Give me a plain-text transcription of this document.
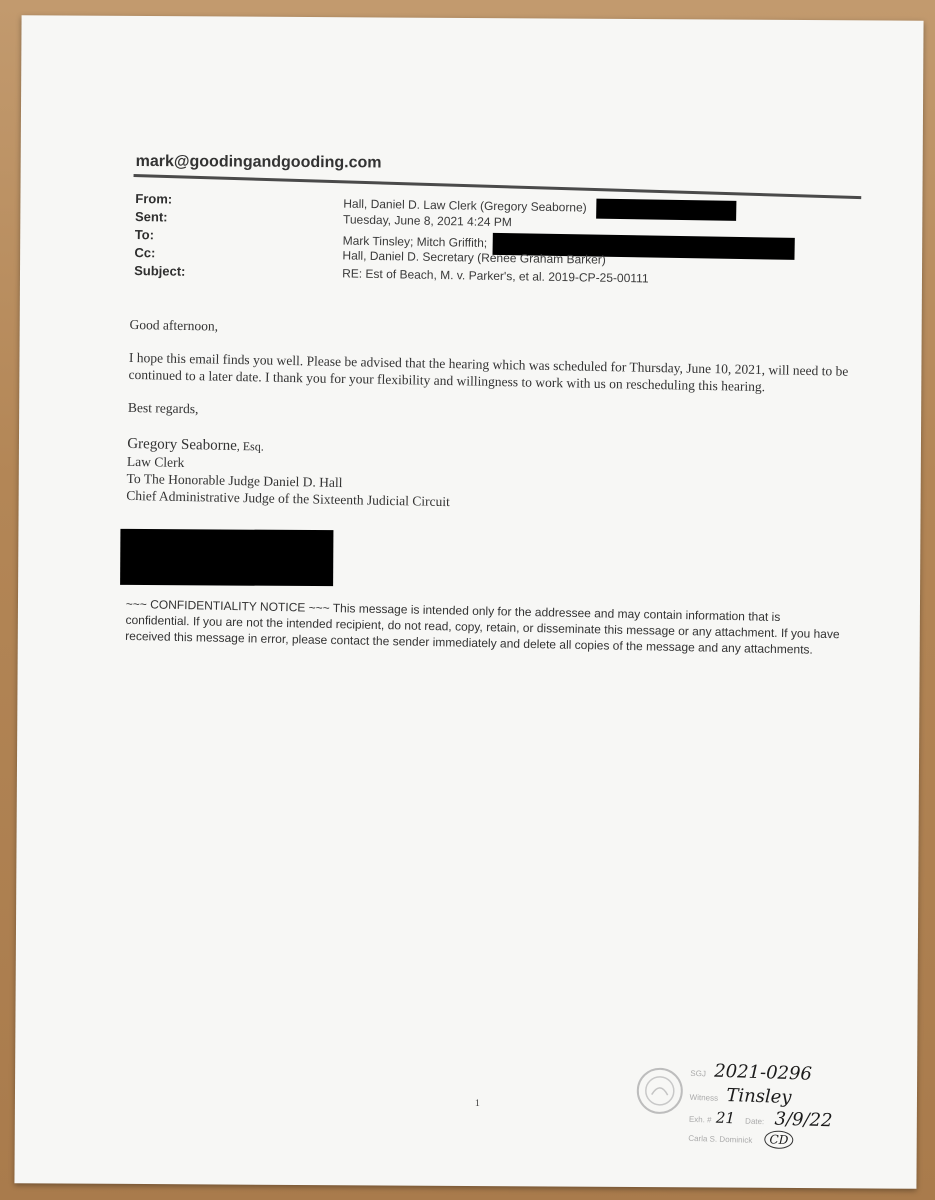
mark@goodingandgooding.com
From:	Hall, Daniel D. Law Clerk (Gregory Seaborne)
Sent:	Tuesday, June 8, 2021 4:24 PM
To:	Mark Tinsley; Mitch Griffith;
Cc:	Hall, Daniel D. Secretary (Renee Graham Barker)
Subject:	RE: Est of Beach, M. v. Parker's, et al. 2019-CP-25-00111

Good afternoon,

I hope this email finds you well. Please be advised that the hearing which was scheduled for Thursday, June 10, 2021, will need to be continued to a later date. I thank you for your flexibility and willingness to work with us on rescheduling this hearing.

Best regards,

Gregory Seaborne, Esq.

Law Clerk

To The Honorable Judge Daniel D. Hall

Chief Administrative Judge of the Sixteenth Judicial Circuit

~~~ CONFIDENTIALITY NOTICE ~~~ This message is intended only for the addressee and may contain information that is confidential. If you are not the intended recipient, do not read, copy, retain, or disseminate this message or any attachment. If you have received this message in error, please contact the sender immediately and delete all copies of the message and any attachments.
1
SGJ 2021-0296
Witness Tinsley
Exh. # 21 Date: 3/9/22
Carla S. Dominick CD
